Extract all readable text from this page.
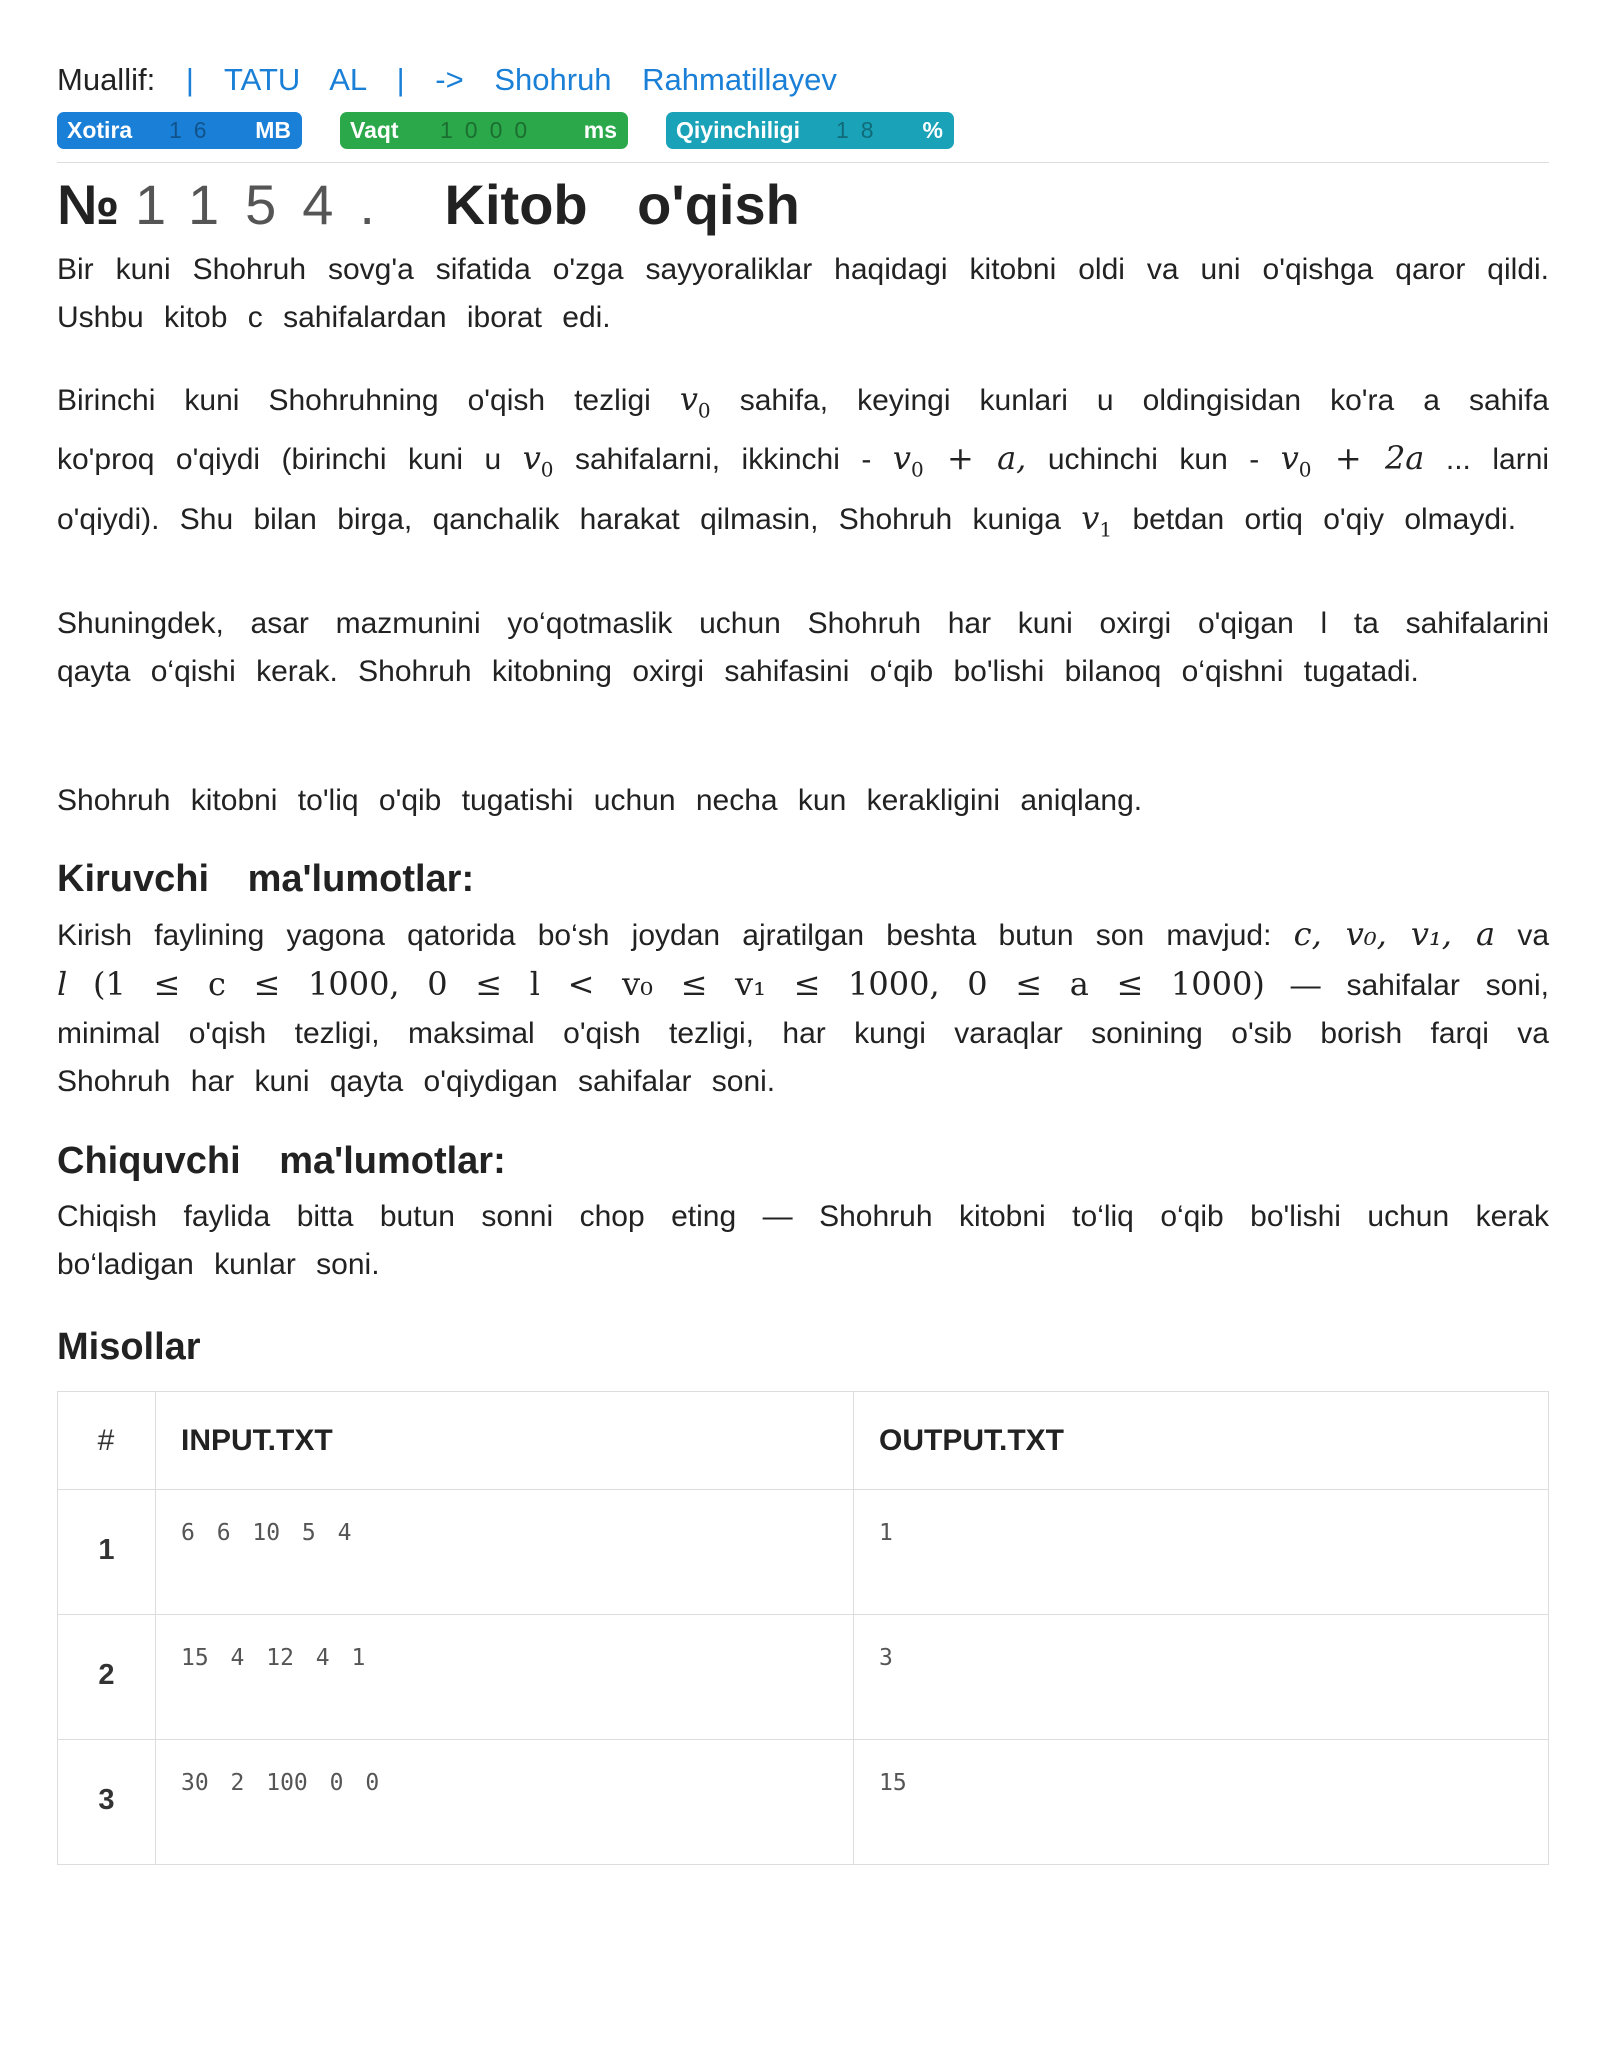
Muallif: | TATU AL | -> Shohruh Rahmatillayev
Xotira 16 MB	Vaqt 1000 ms	Qiyinchiligi 18 %
№ 1154. Kitob o'qish
Bir kuni Shohruh sovg'a sifatida o'zga sayyoraliklar haqidagi kitobni oldi va uni o'qishga qaror qildi. Ushbu kitob c sahifalardan iborat edi.
Birinchi kuni Shohruhning o'qish tezligi $v_0$ sahifa, keyingi kunlari u oldingisidan ko'ra a sahifa ko'proq o'qiydi (birinchi kuni u $v_0$ sahifalarni, ikkinchi - $v_0 + a$, uchinchi kun - $v_0 + 2a$ ... larni o'qiydi). Shu bilan birga, qanchalik harakat qilmasin, Shohruh kuniga $v_1$ betdan ortiq o'qiy olmaydi.
Shuningdek, asar mazmunini yo‘qotmaslik uchun Shohruh har kuni oxirgi o'qigan l ta sahifalarini qayta o‘qishi kerak. Shohruh kitobning oxirgi sahifasini o‘qib bo'lishi bilanoq o‘qishni tugatadi.
Shohruh kitobni to'liq o'qib tugatishi uchun necha kun kerakligini aniqlang.
Kiruvchi ma'lumotlar:
Kirish faylining yagona qatorida bo‘sh joydan ajratilgan beshta butun son mavjud: c, v₀, v₁, a va l (1 ≤ c ≤ 1000, 0 ≤ l < v₀ ≤ v₁ ≤ 1000, 0 ≤ a ≤ 1000) — sahifalar soni, minimal o'qish tezligi, maksimal o'qish tezligi, har kungi varaqlar sonining o'sib borish farqi va Shohruh har kuni qayta o'qiydigan sahifalar soni.
Chiquvchi ma'lumotlar:
Chiqish faylida bitta butun sonni chop eting — Shohruh kitobni to‘liq o‘qib bo'lishi uchun kerak bo‘ladigan kunlar soni.
Misollar
#	INPUT.TXT	OUTPUT.TXT
1	6 6 10 5 4	1
2	15 4 12 4 1	3
3	30 2 100 0 0	15
